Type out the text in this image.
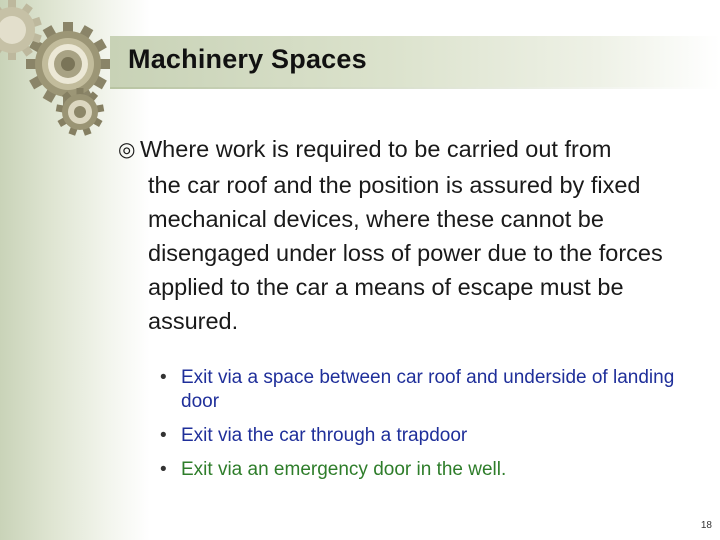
Machinery Spaces
◎ Where work is required to be carried out from
the car roof and the position is assured by fixed mechanical devices, where these cannot be disengaged under loss of power due to the forces applied to the car a means of escape must be assured.
• Exit via a space between car roof and underside of landing door
• Exit via the car through a trapdoor
• Exit via an emergency door in the well.
18
